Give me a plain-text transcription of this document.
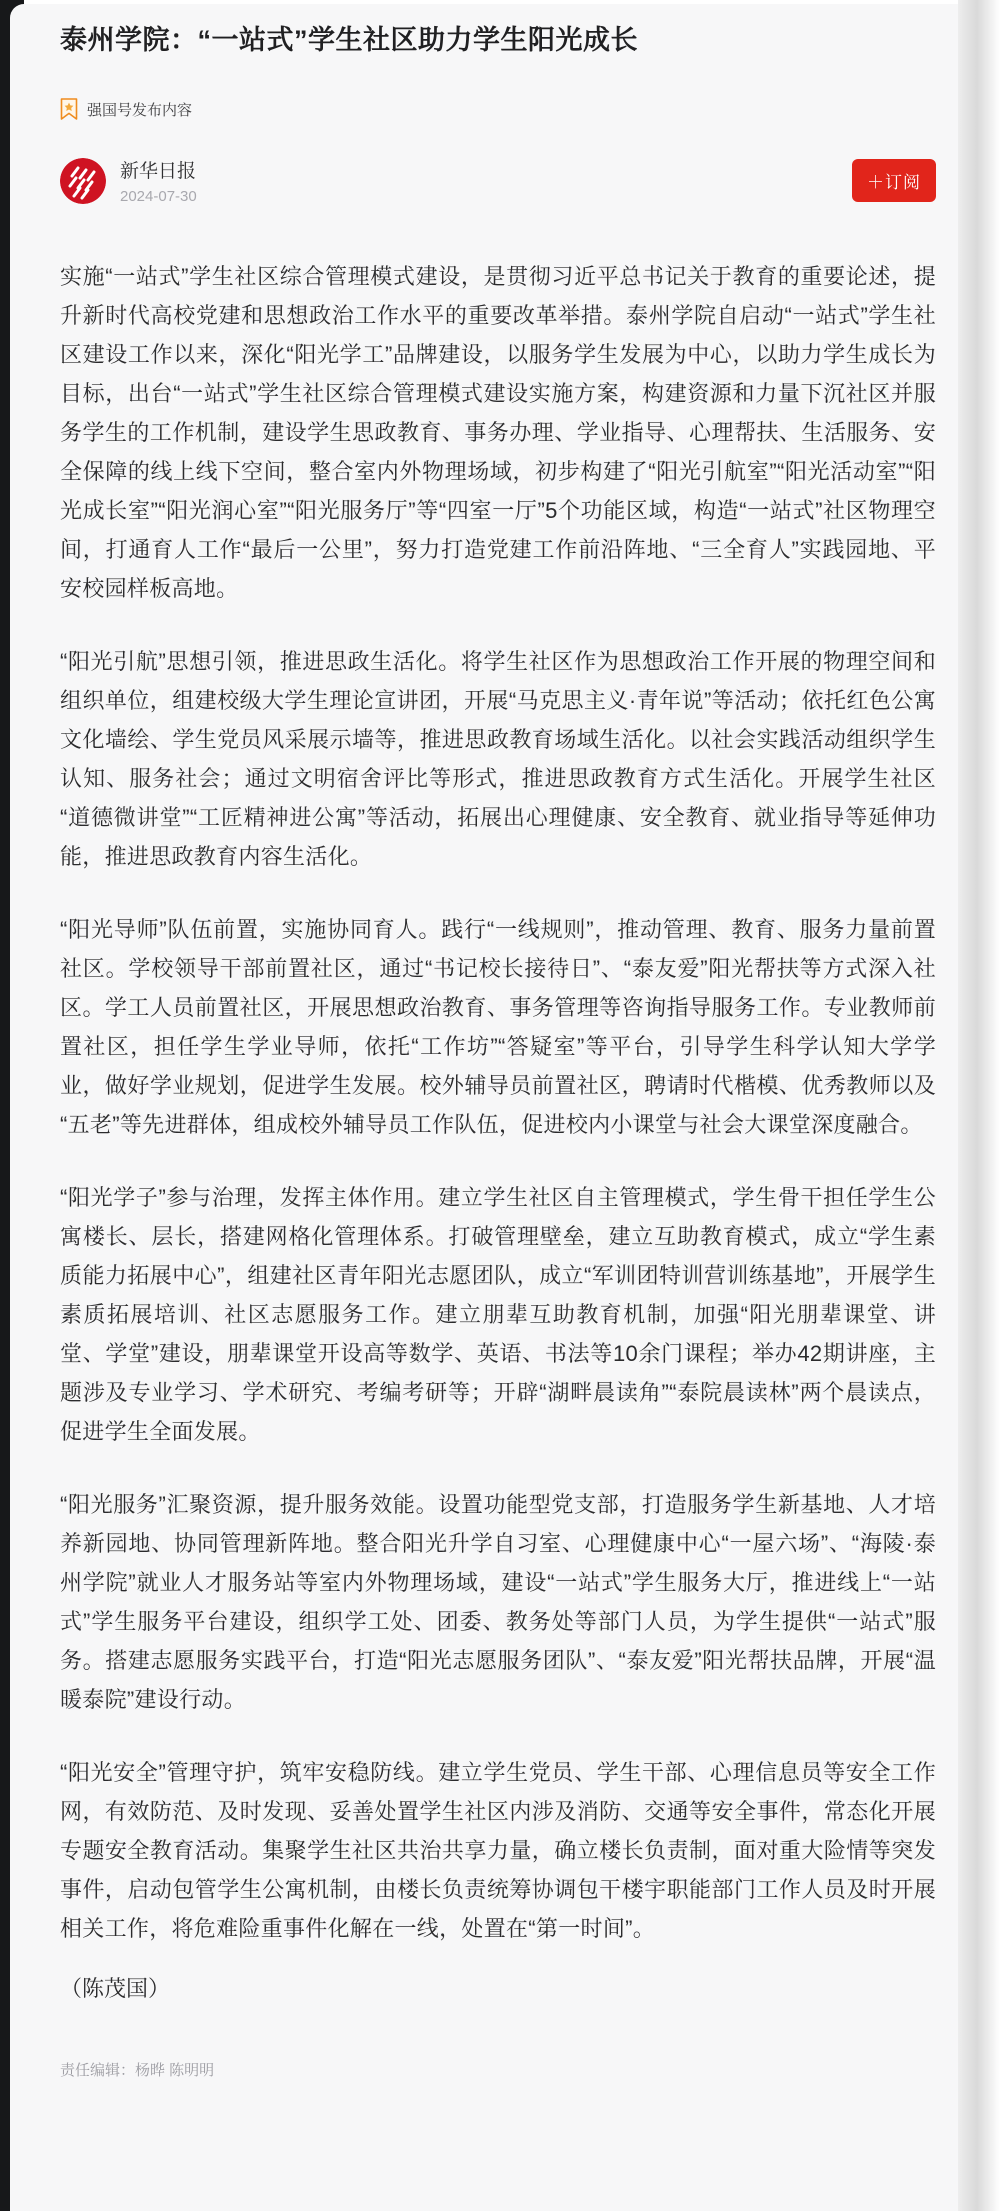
泰州学院：“一站式”学生社区助力学生阳光成长
强国号发布内容
新华日报
2024-07-30
＋订阅

实施“一站式”学生社区综合管理模式建设，是贯彻习近平总书记关于教育的重要论述，提升新时代高校党建和思想政治工作水平的重要改革举措。泰州学院自启动“一站式”学生社区建设工作以来，深化“阳光学工”品牌建设，以服务学生发展为中心，以助力学生成长为目标，出台“一站式”学生社区综合管理模式建设实施方案，构建资源和力量下沉社区并服务学生的工作机制，建设学生思政教育、事务办理、学业指导、心理帮扶、生活服务、安全保障的线上线下空间，整合室内外物理场域，初步构建了“阳光引航室”“阳光活动室”“阳光成长室”“阳光润心室”“阳光服务厅”等“四室一厅”5个功能区域，构造“一站式”社区物理空间，打通育人工作“最后一公里”，努力打造党建工作前沿阵地、“三全育人”实践园地、平安校园样板高地。

“阳光引航”思想引领，推进思政生活化。将学生社区作为思想政治工作开展的物理空间和组织单位，组建校级大学生理论宣讲团，开展“马克思主义·青年说”等活动；依托红色公寓文化墙绘、学生党员风采展示墙等，推进思政教育场域生活化。以社会实践活动组织学生认知、服务社会；通过文明宿舍评比等形式，推进思政教育方式生活化。开展学生社区“道德微讲堂”“工匠精神进公寓”等活动，拓展出心理健康、安全教育、就业指导等延伸功能，推进思政教育内容生活化。

“阳光导师”队伍前置，实施协同育人。践行“一线规则”，推动管理、教育、服务力量前置社区。学校领导干部前置社区，通过“书记校长接待日”、“泰友爱”阳光帮扶等方式深入社区。学工人员前置社区，开展思想政治教育、事务管理等咨询指导服务工作。专业教师前置社区，担任学生学业导师，依托“工作坊”“答疑室”等平台，引导学生科学认知大学学业，做好学业规划，促进学生发展。校外辅导员前置社区，聘请时代楷模、优秀教师以及“五老”等先进群体，组成校外辅导员工作队伍，促进校内小课堂与社会大课堂深度融合。

“阳光学子”参与治理，发挥主体作用。建立学生社区自主管理模式，学生骨干担任学生公寓楼长、层长，搭建网格化管理体系。打破管理壁垒，建立互助教育模式，成立“学生素质能力拓展中心”，组建社区青年阳光志愿团队，成立“军训团特训营训练基地”，开展学生素质拓展培训、社区志愿服务工作。建立朋辈互助教育机制，加强“阳光朋辈课堂、讲堂、学堂”建设，朋辈课堂开设高等数学、英语、书法等10余门课程；举办42期讲座，主题涉及专业学习、学术研究、考编考研等；开辟“湖畔晨读角”“泰院晨读林”两个晨读点，促进学生全面发展。

“阳光服务”汇聚资源，提升服务效能。设置功能型党支部，打造服务学生新基地、人才培养新园地、协同管理新阵地。整合阳光升学自习室、心理健康中心“一屋六场”、“海陵·泰州学院”就业人才服务站等室内外物理场域，建设“一站式”学生服务大厅，推进线上“一站式”学生服务平台建设，组织学工处、团委、教务处等部门人员，为学生提供“一站式”服务。搭建志愿服务实践平台，打造“阳光志愿服务团队”、“泰友爱”阳光帮扶品牌，开展“温暖泰院”建设行动。

“阳光安全”管理守护，筑牢安稳防线。建立学生党员、学生干部、心理信息员等安全工作网，有效防范、及时发现、妥善处置学生社区内涉及消防、交通等安全事件，常态化开展专题安全教育活动。集聚学生社区共治共享力量，确立楼长负责制，面对重大险情等突发事件，启动包管学生公寓机制，由楼长负责统筹协调包干楼宇职能部门工作人员及时开展相关工作，将危难险重事件化解在一线，处置在“第一时间”。

（陈茂国）
责任编辑：杨晔 陈明明
